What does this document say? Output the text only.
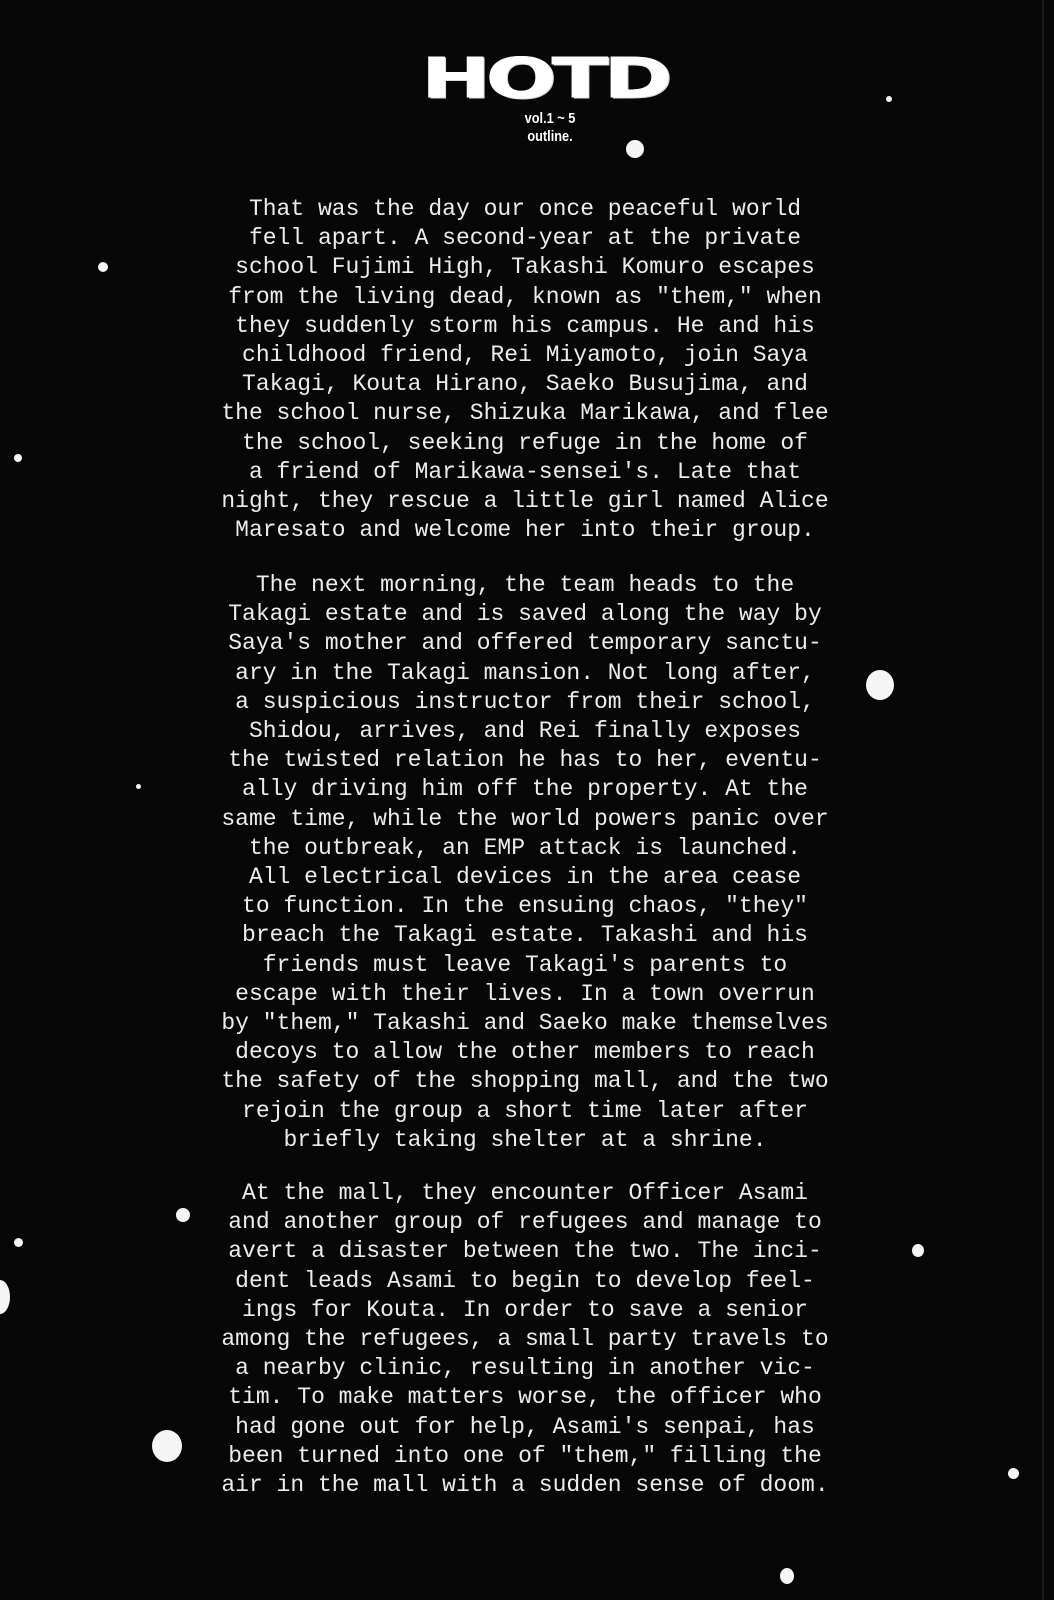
HOTD
vol.1 ~ 5
outline.

That was the day our once peaceful world
fell apart. A second-year at the private
school Fujimi High, Takashi Komuro escapes
from the living dead, known as "them," when
they suddenly storm his campus. He and his
childhood friend, Rei Miyamoto, join Saya
Takagi, Kouta Hirano, Saeko Busujima, and
the school nurse, Shizuka Marikawa, and flee
the school, seeking refuge in the home of
a friend of Marikawa-sensei's. Late that
night, they rescue a little girl named Alice
Maresato and welcome her into their group.

The next morning, the team heads to the
Takagi estate and is saved along the way by
Saya's mother and offered temporary sanctu-
ary in the Takagi mansion. Not long after,
a suspicious instructor from their school,
Shidou, arrives, and Rei finally exposes
the twisted relation he has to her, eventu-
ally driving him off the property. At the
same time, while the world powers panic over
the outbreak, an EMP attack is launched.
All electrical devices in the area cease
to function. In the ensuing chaos, "they"
breach the Takagi estate. Takashi and his
friends must leave Takagi's parents to
escape with their lives. In a town overrun
by "them," Takashi and Saeko make themselves
decoys to allow the other members to reach
the safety of the shopping mall, and the two
rejoin the group a short time later after
briefly taking shelter at a shrine.

At the mall, they encounter Officer Asami
and another group of refugees and manage to
avert a disaster between the two. The inci-
dent leads Asami to begin to develop feel-
ings for Kouta. In order to save a senior
among the refugees, a small party travels to
a nearby clinic, resulting in another vic-
tim. To make matters worse, the officer who
had gone out for help, Asami's senpai, has
been turned into one of "them," filling the
air in the mall with a sudden sense of doom.
